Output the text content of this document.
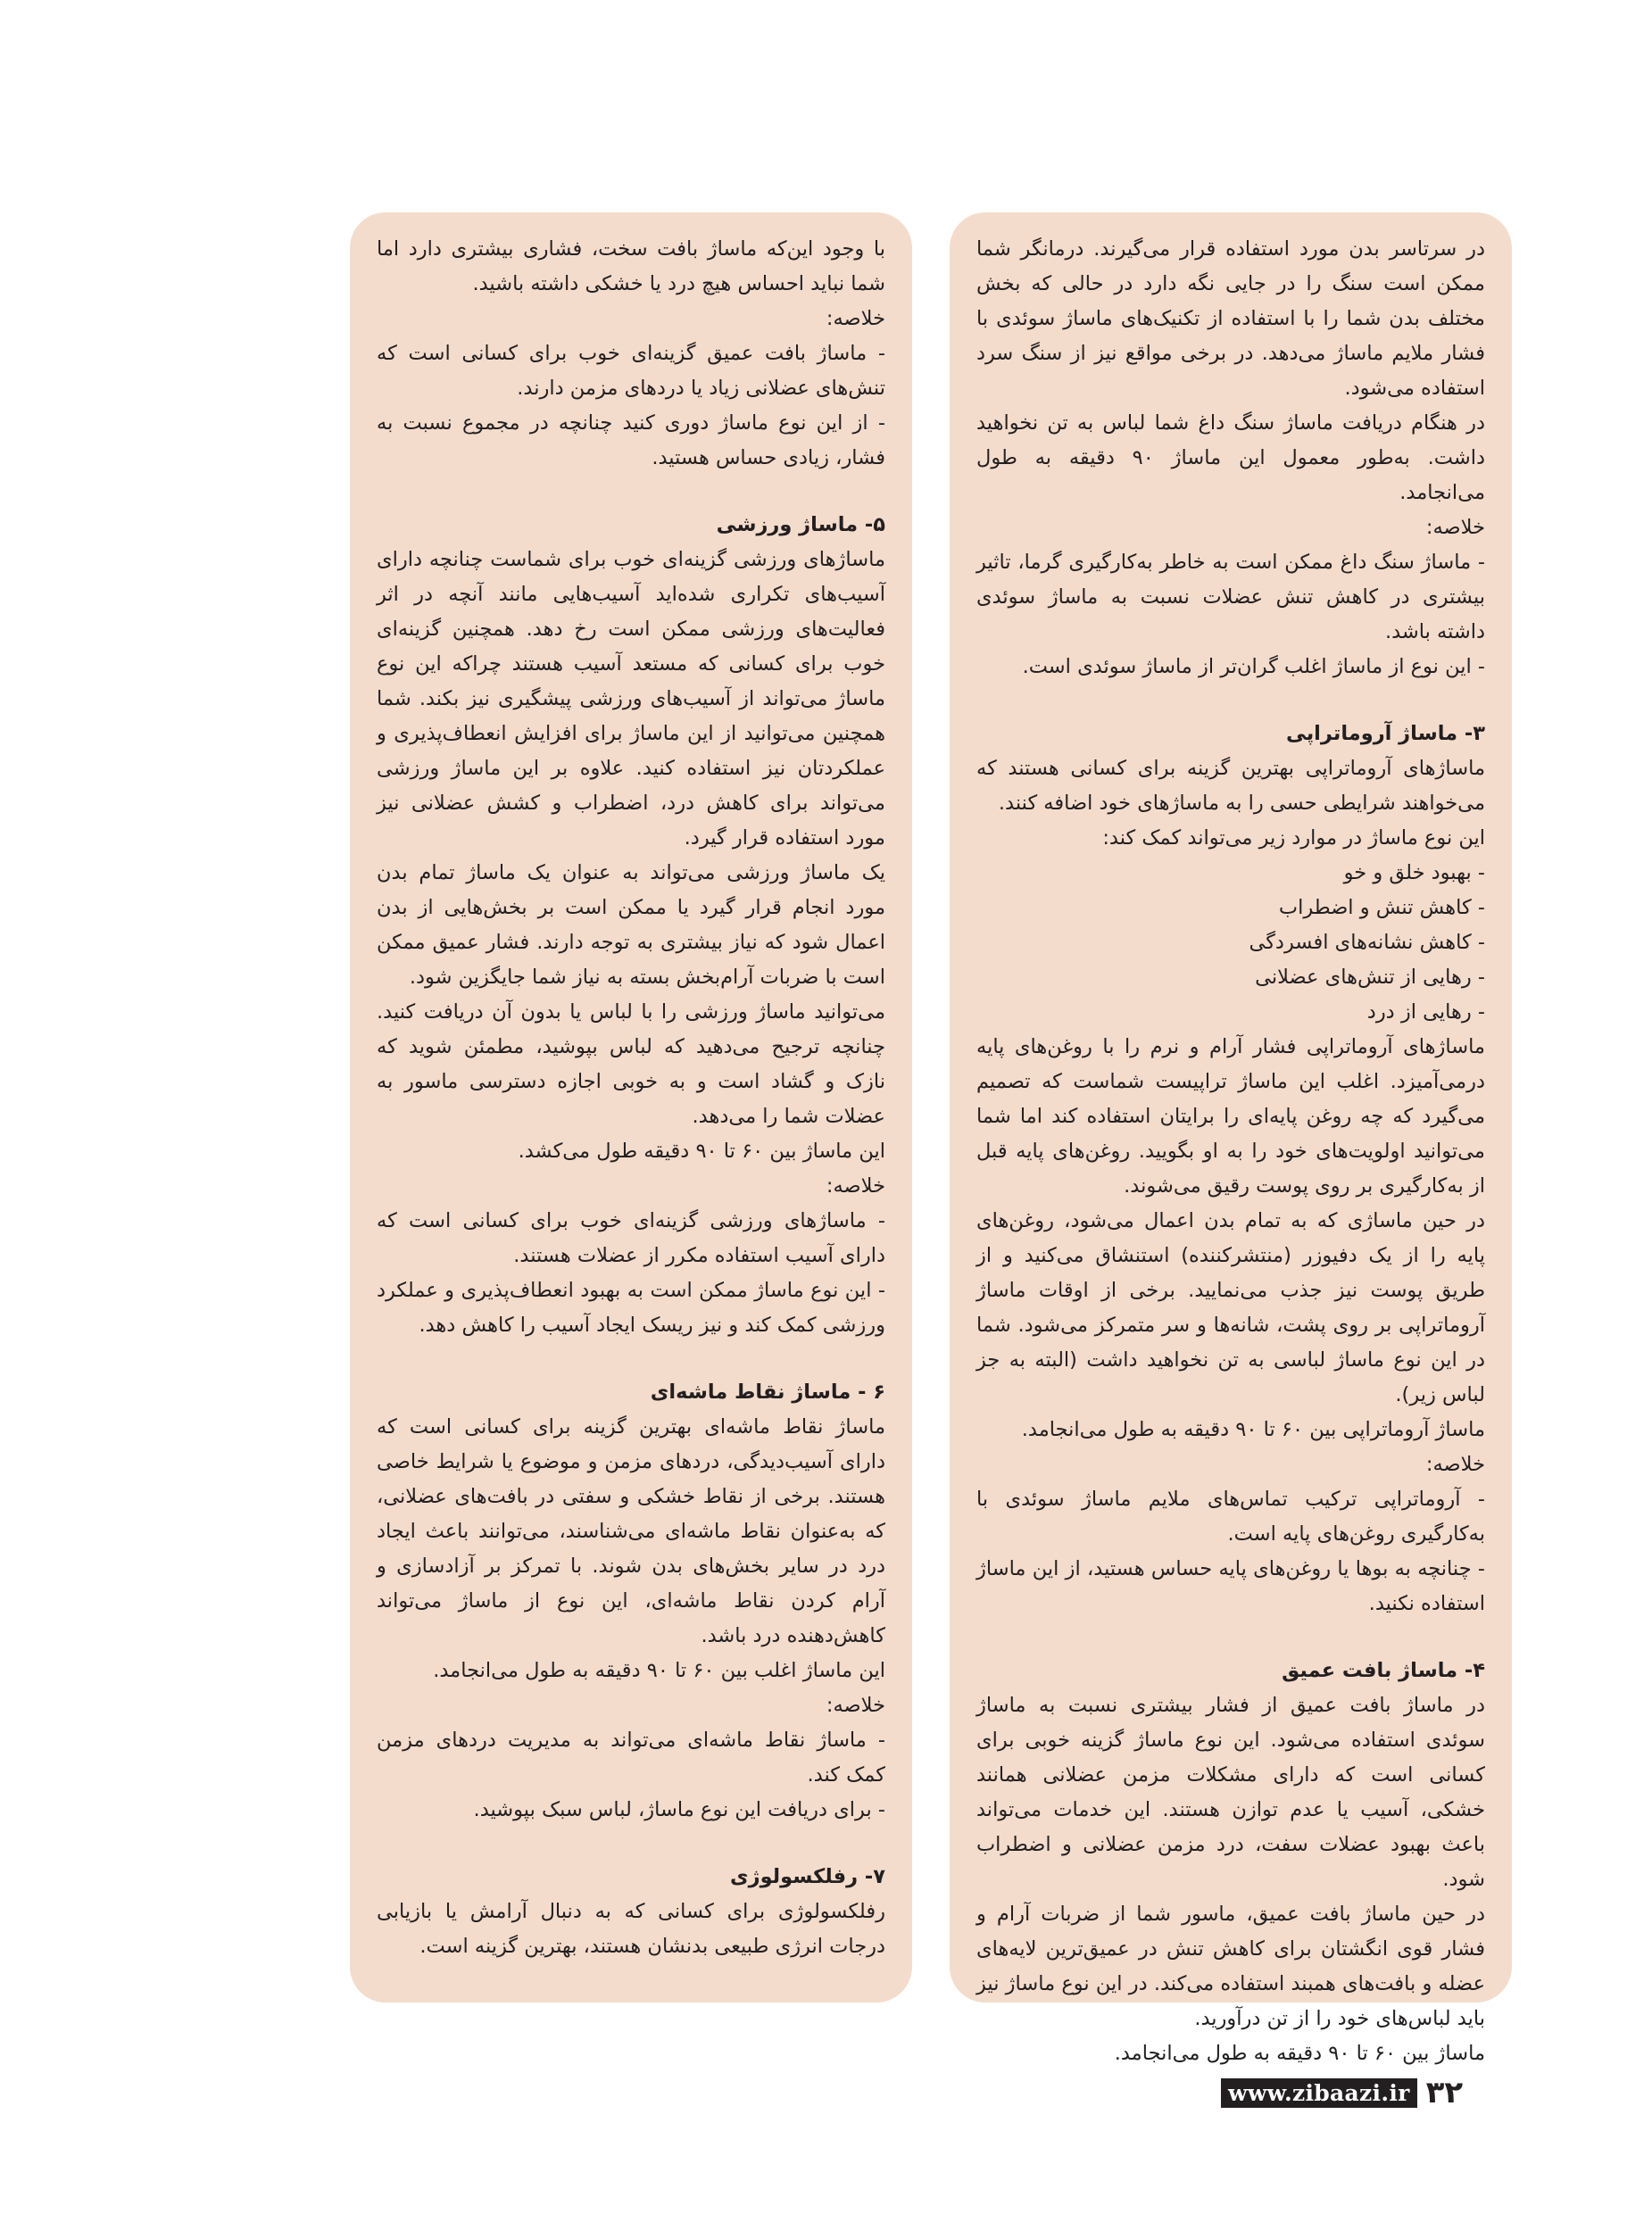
در سرتاسر بدن مورد استفاده قرار می‌گیرند. درمانگر شما ممکن است سنگ را در جایی نگه دارد در حالی که بخش مختلف بدن شما را با استفاده از تکنیک‌های ماساژ سوئدی با فشار ملایم ماساژ می‌دهد. در برخی مواقع نیز از سنگ سرد استفاده می‌شود.
در هنگام دریافت ماساژ سنگ داغ شما لباس به تن نخواهید داشت. به‌طور معمول این ماساژ ۹۰ دقیقه به طول می‌انجامد.
خلاصه:
- ماساژ سنگ داغ ممکن است به خاطر به‌کارگیری گرما، تاثیر بیشتری در کاهش تنش عضلات نسبت به ماساژ سوئدی داشته باشد.
- این نوع از ماساژ اغلب گران‌تر از ماساژ سوئدی است.
۳- ماساژ آروماتراپی
ماساژهای آروماتراپی بهترین گزینه برای کسانی هستند که می‌خواهند شرایطی حسی را به ماساژهای خود اضافه کنند.
این نوع ماساژ در موارد زیر می‌تواند کمک کند:
- بهبود خلق و خو
- کاهش تنش و اضطراب
- کاهش نشانه‌های افسردگی
- رهایی از تنش‌های عضلانی
- رهایی از درد
ماساژهای آروماتراپی فشار آرام و نرم را با روغن‌های پایه درمی‌آمیزد. اغلب این ماساژ تراپیست شماست که تصمیم می‌گیرد که چه روغن پایه‌ای را برایتان استفاده کند اما شما می‌توانید اولویت‌های خود را به او بگویید. روغن‌های پایه قبل از به‌کارگیری بر روی پوست رقیق می‌شوند.
در حین ماساژی که به تمام بدن اعمال می‌شود، روغن‌های پایه را از یک دفیوزر (منتشرکننده) استنشاق می‌کنید و از طریق پوست نیز جذب می‌نمایید. برخی از اوقات ماساژ آروماتراپی بر روی پشت، شانه‌ها و سر متمرکز می‌شود. شما در این نوع ماساژ لباسی به تن نخواهید داشت (البته به جز لباس زیر).
ماساژ آروماتراپی بین ۶۰ تا ۹۰ دقیقه به طول می‌انجامد.
خلاصه:
- آروماتراپی ترکیب تماس‌های ملایم ماساژ سوئدی با به‌کارگیری روغن‌های پایه است.
- چنانچه به بوها یا روغن‌های پایه حساس هستید، از این ماساژ استفاده نکنید.
۴- ماساژ بافت عمیق
در ماساژ بافت عمیق از فشار بیشتری نسبت به ماساژ سوئدی استفاده می‌شود. این نوع ماساژ گزینه خوبی برای کسانی است که دارای مشکلات مزمن عضلانی همانند خشکی، آسیب یا عدم توازن هستند. این خدمات می‌تواند باعث بهبود عضلات سفت، درد مزمن عضلانی و اضطراب شود.
در حین ماساژ بافت عمیق، ماسور شما از ضربات آرام و فشار قوی انگشتان برای کاهش تنش در عمیق‌ترین لایه‌های عضله و بافت‌های همبند استفاده می‌کند. در این نوع ماساژ نیز باید لباس‌های خود را از تن درآورید.
ماساژ بین ۶۰ تا ۹۰ دقیقه به طول می‌انجامد.
با وجود این‌که ماساژ بافت سخت، فشاری بیشتری دارد اما شما نباید احساس هیچ درد یا خشکی داشته باشید.
خلاصه:
- ماساژ بافت عمیق گزینه‌ای خوب برای کسانی است که تنش‌های عضلانی زیاد یا دردهای مزمن دارند.
- از این نوع ماساژ دوری کنید چنانچه در مجموع نسبت به فشار، زیادی حساس هستید.
۵- ماساژ ورزشی
ماساژهای ورزشی گزینه‌ای خوب برای شماست چنانچه دارای آسیب‌های تکراری شده‌اید آسیب‌هایی مانند آنچه در اثر فعالیت‌های ورزشی ممکن است رخ دهد. همچنین گزینه‌ای خوب برای کسانی که مستعد آسیب هستند چراکه این نوع ماساژ می‌تواند از آسیب‌های ورزشی پیشگیری نیز بکند. شما همچنین می‌توانید از این ماساژ برای افزایش انعطاف‌پذیری و عملکردتان نیز استفاده کنید. علاوه بر این ماساژ ورزشی می‌تواند برای کاهش درد، اضطراب و کشش عضلانی نیز مورد استفاده قرار گیرد.
یک ماساژ ورزشی می‌تواند به عنوان یک ماساژ تمام بدن مورد انجام قرار گیرد یا ممکن است بر بخش‌هایی از بدن اعمال شود که نیاز بیشتری به توجه دارند. فشار عمیق ممکن است با ضربات آرام‌بخش بسته به نیاز شما جایگزین شود.
می‌توانید ماساژ ورزشی را با لباس یا بدون آن دریافت کنید. چنانچه ترجیح می‌دهید که لباس بپوشید، مطمئن شوید که نازک و گشاد است و به خوبی اجازه دسترسی ماسور به عضلات شما را می‌دهد.
این ماساژ بین ۶۰ تا ۹۰ دقیقه طول می‌کشد.
خلاصه:
- ماساژهای ورزشی گزینه‌ای خوب برای کسانی است که دارای آسیب استفاده مکرر از عضلات هستند.
- این نوع ماساژ ممکن است به بهبود انعطاف‌پذیری و عملکرد ورزشی کمک کند و نیز ریسک ایجاد آسیب را کاهش دهد.
۶ - ماساژ نقاط ماشه‌ای
ماساژ نقاط ماشه‌ای بهترین گزینه برای کسانی است که دارای آسیب‌دیدگی، دردهای مزمن و موضوع یا شرایط خاصی هستند. برخی از نقاط خشکی و سفتی در بافت‌های عضلانی، که به‌عنوان نقاط ماشه‌ای می‌شناسند، می‌توانند باعث ایجاد درد در سایر بخش‌های بدن شوند. با تمرکز بر آزادسازی و آرام کردن نقاط ماشه‌ای، این نوع از ماساژ می‌تواند کاهش‌دهنده درد باشد.
این ماساژ اغلب بین ۶۰ تا ۹۰ دقیقه به طول می‌انجامد.
خلاصه:
- ماساژ نقاط ماشه‌ای می‌تواند به مدیریت دردهای مزمن کمک کند.
- برای دریافت این نوع ماساژ، لباس سبک بپوشید.
۷- رفلکسولوژی
رفلکسولوژی برای کسانی که به دنبال آرامش یا بازیابی درجات انرژی طبیعی بدنشان هستند، بهترین گزینه است.
www.zibaazi.ir ۳۲
